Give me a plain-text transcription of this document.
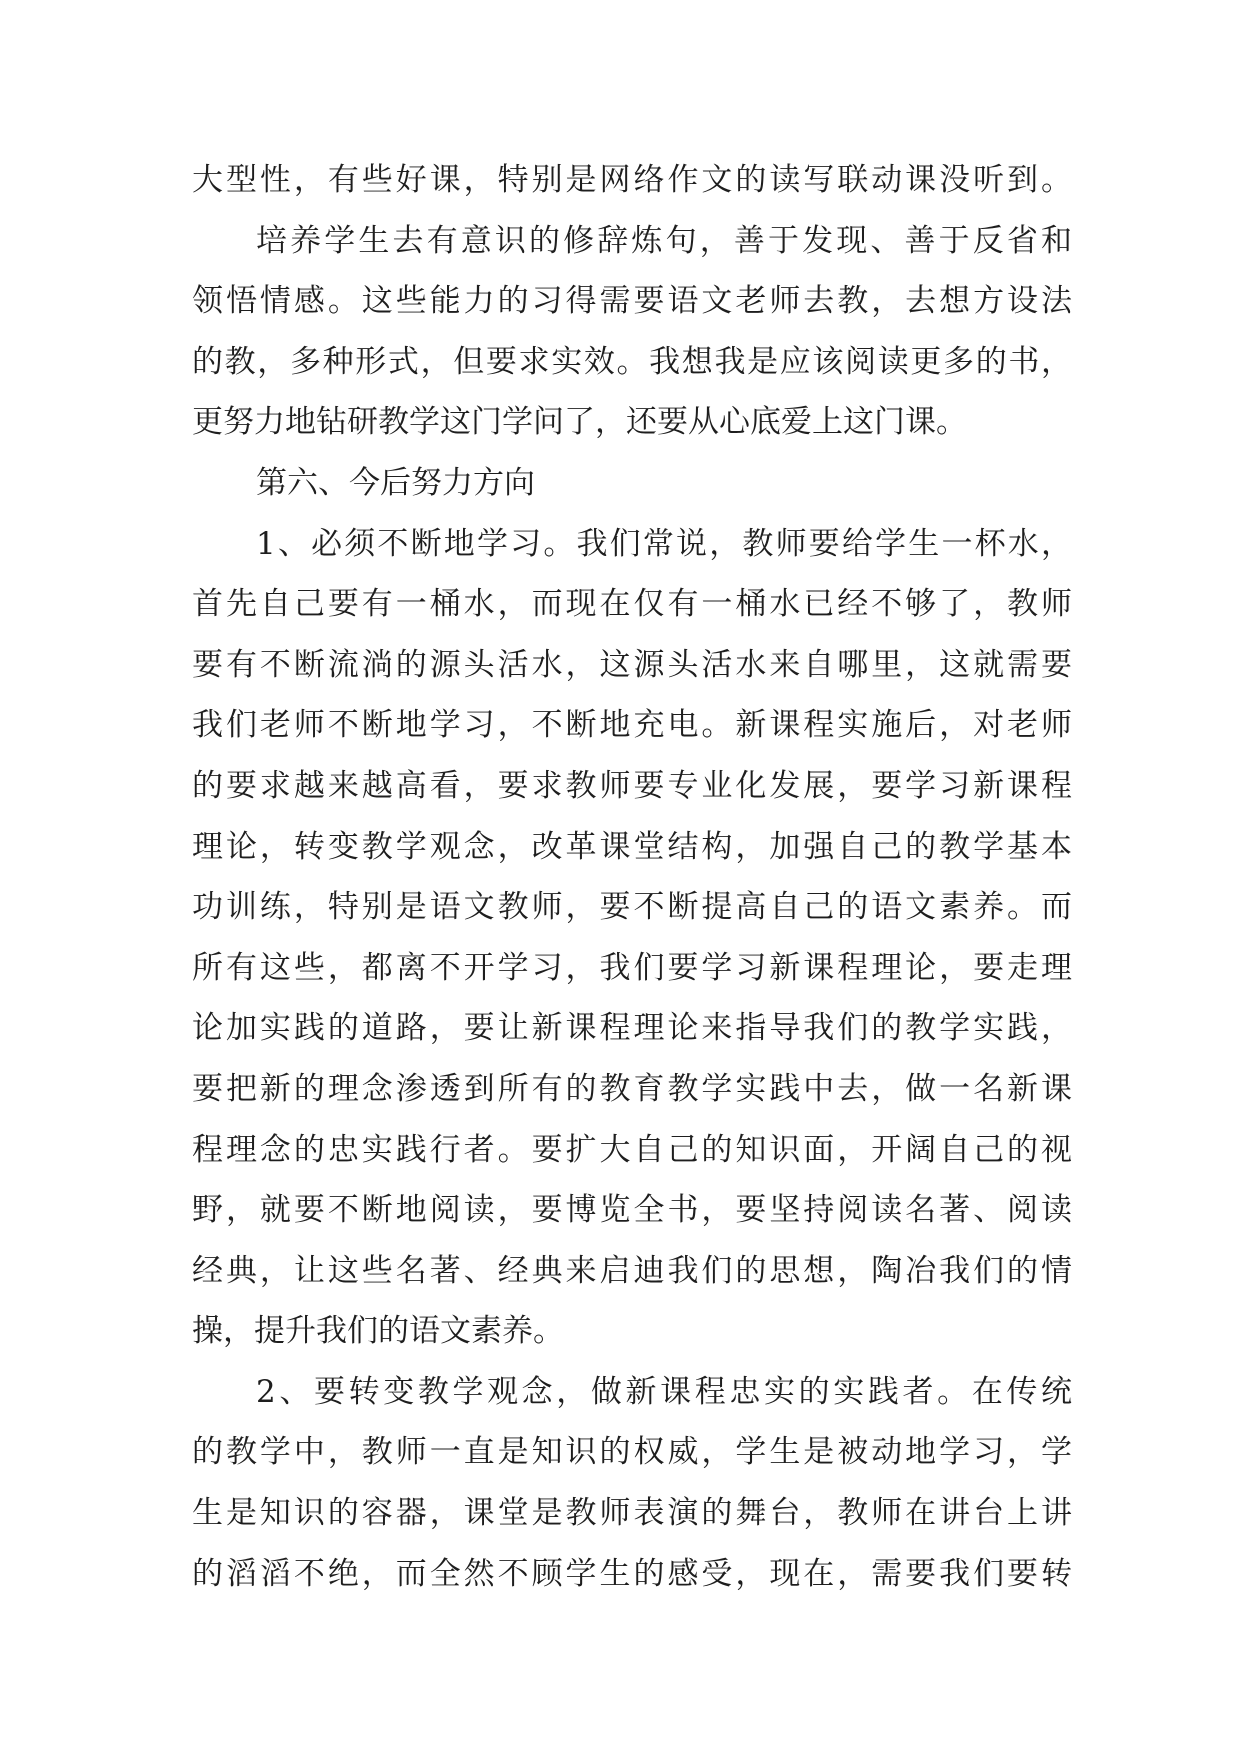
大型性，有些好课，特别是网络作文的读写联动课没听到。
培养学生去有意识的修辞炼句，善于发现、善于反省和
领悟情感。这些能力的习得需要语文老师去教，去想方设法
的教，多种形式，但要求实效。我想我是应该阅读更多的书，
更努力地钻研教学这门学问了，还要从心底爱上这门课。
第六、今后努力方向
1、必须不断地学习。我们常说，教师要给学生一杯水，
首先自己要有一桶水，而现在仅有一桶水已经不够了，教师
要有不断流淌的源头活水，这源头活水来自哪里，这就需要
我们老师不断地学习，不断地充电。新课程实施后，对老师
的要求越来越高看，要求教师要专业化发展，要学习新课程
理论，转变教学观念，改革课堂结构，加强自己的教学基本
功训练，特别是语文教师，要不断提高自己的语文素养。而
所有这些，都离不开学习，我们要学习新课程理论，要走理
论加实践的道路，要让新课程理论来指导我们的教学实践，
要把新的理念渗透到所有的教育教学实践中去，做一名新课
程理念的忠实践行者。要扩大自己的知识面，开阔自己的视
野，就要不断地阅读，要博览全书，要坚持阅读名著、阅读
经典，让这些名著、经典来启迪我们的思想，陶冶我们的情
操，提升我们的语文素养。
2、要转变教学观念，做新课程忠实的实践者。在传统
的教学中，教师一直是知识的权威，学生是被动地学习，学
生是知识的容器，课堂是教师表演的舞台，教师在讲台上讲
的滔滔不绝，而全然不顾学生的感受，现在，需要我们要转
